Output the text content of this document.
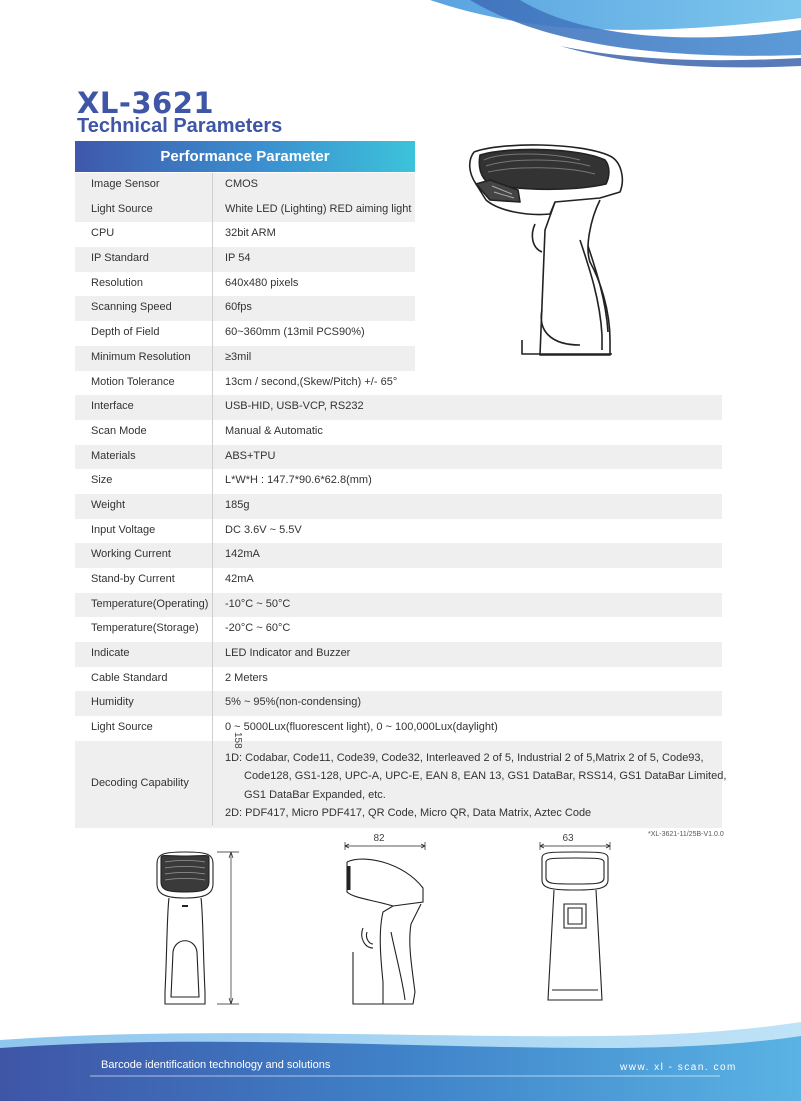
XL-3621
Technical Parameters
Performance Parameter
Image Sensor	CMOS
Light Source	White LED (Lighting) RED aiming light
CPU	32bit ARM
IP Standard	IP 54
Resolution	640x480 pixels
Scanning Speed	60fps
Depth of Field	60~360mm (13mil PCS90%)
Minimum Resolution	≥3mil
Motion Tolerance	13cm / second,(Skew/Pitch) +/- 65°
Interface	USB-HID, USB-VCP, RS232
Scan Mode	Manual & Automatic
Materials	ABS+TPU
Size	L*W*H : 147.7*90.6*62.8(mm)
Weight	185g
Input Voltage	DC 3.6V ~ 5.5V
Working Current	142mA
Stand-by Current	42mA
Temperature(Operating) -10°C ~ 50°C
Temperature(Storage) -20°C ~ 60°C
Indicate	LED Indicator and Buzzer
Cable Standard	2 Meters
Humidity	5% ~ 95%(non-condensing)
Light Source	0 ~ 5000Lux(fluorescent light), 0 ~ 100,000Lux(daylight)
Decoding Capability
1D: Codabar, Code11, Code39, Code32, Interleaved 2 of 5, Industrial 2 of 5,Matrix 2 of 5, Code93,
Code128, GS1-128, UPC-A, UPC-E, EAN 8, EAN 13, GS1 DataBar, RSS14, GS1 DataBar Limited,
GS1 DataBar Expanded, etc.
2D: PDF417, Micro PDF417, QR Code, Micro QR, Data Matrix, Aztec Code
*XL-3621-11/25B-V1.0.0
158
82	63
Barcode identification technology and solutions	www. xl - scan. com
